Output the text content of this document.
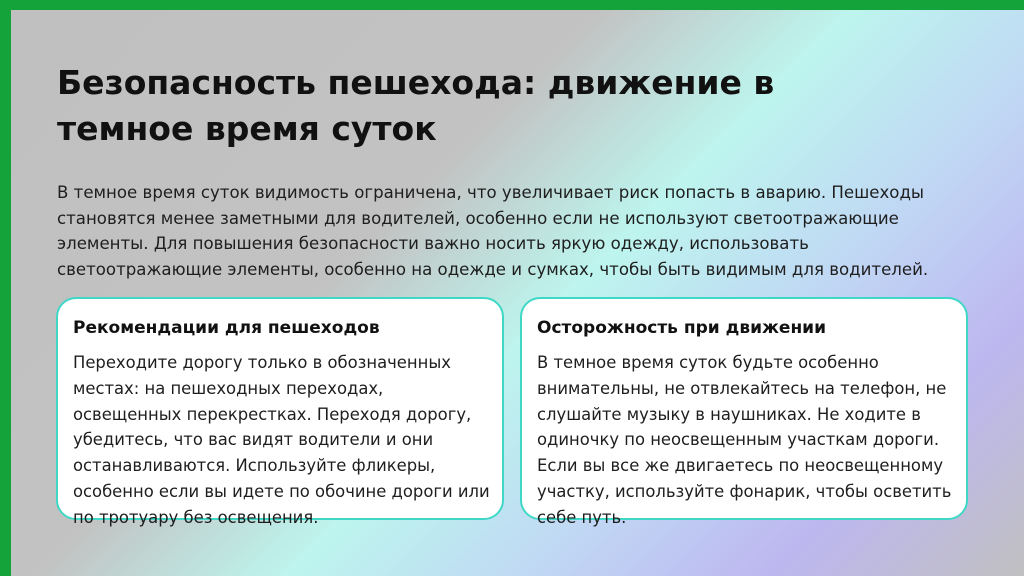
Безопасность пешехода: движение в темное время суток

В темное время суток видимость ограничена, что увеличивает риск попасть в аварию. Пешеходы становятся менее заметными для водителей, особенно если не используют светоотражающие элементы. Для повышения безопасности важно носить яркую одежду, использовать светоотражающие элементы, особенно на одежде и сумках, чтобы быть видимым для водителей.

Рекомендации для пешеходов

Переходите дорогу только в обозначенных местах: на пешеходных переходах, освещенных перекрестках. Переходя дорогу, убедитесь, что вас видят водители и они останавливаются. Используйте фликеры, особенно если вы идете по обочине дороги или по тротуару без освещения.

Осторожность при движении

В темное время суток будьте особенно внимательны, не отвлекайтесь на телефон, не слушайте музыку в наушниках. Не ходите в одиночку по неосвещенным участкам дороги. Если вы все же двигаетесь по неосвещенному участку, используйте фонарик, чтобы осветить себе путь.
